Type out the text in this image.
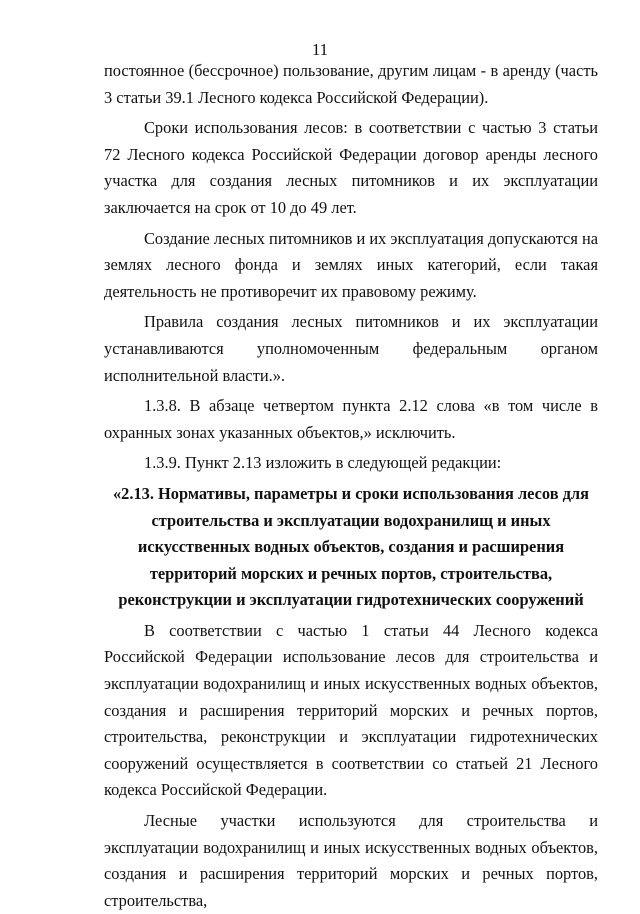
11

постоянное (бессрочное) пользование, другим лицам - в аренду (часть 3 статьи 39.1 Лесного кодекса Российской Федерации).

Сроки использования лесов: в соответствии с частью 3 статьи 72 Лесного кодекса Российской Федерации договор аренды лесного участка для создания лесных питомников и их эксплуатации заключается на срок от 10 до 49 лет.

Создание лесных питомников и их эксплуатация допускаются на землях лесного фонда и землях иных категорий, если такая деятельность не противоречит их правовому режиму.

Правила создания лесных питомников и их эксплуатации устанавливаются уполномоченным федеральным органом исполнительной власти.».

1.3.8. В абзаце четвертом пункта 2.12 слова «в том числе в охранных зонах указанных объектов,» исключить.

1.3.9. Пункт 2.13 изложить в следующей редакции:

«2.13. Нормативы, параметры и сроки использования лесов для строительства и эксплуатации водохранилищ и иных искусственных водных объектов, создания и расширения территорий морских и речных портов, строительства, реконструкции и эксплуатации гидротехнических сооружений

В соответствии с частью 1 статьи 44 Лесного кодекса Российской Федерации использование лесов для строительства и эксплуатации водохранилищ и иных искусственных водных объектов, создания и расширения территорий морских и речных портов, строительства, реконструкции и эксплуатации гидротехнических сооружений осуществляется в соответствии со статьей 21 Лесного кодекса Российской Федерации.

Лесные участки используются для строительства и эксплуатации водохранилищ и иных искусственных водных объектов, создания и расширения территорий морских и речных портов, строительства,
